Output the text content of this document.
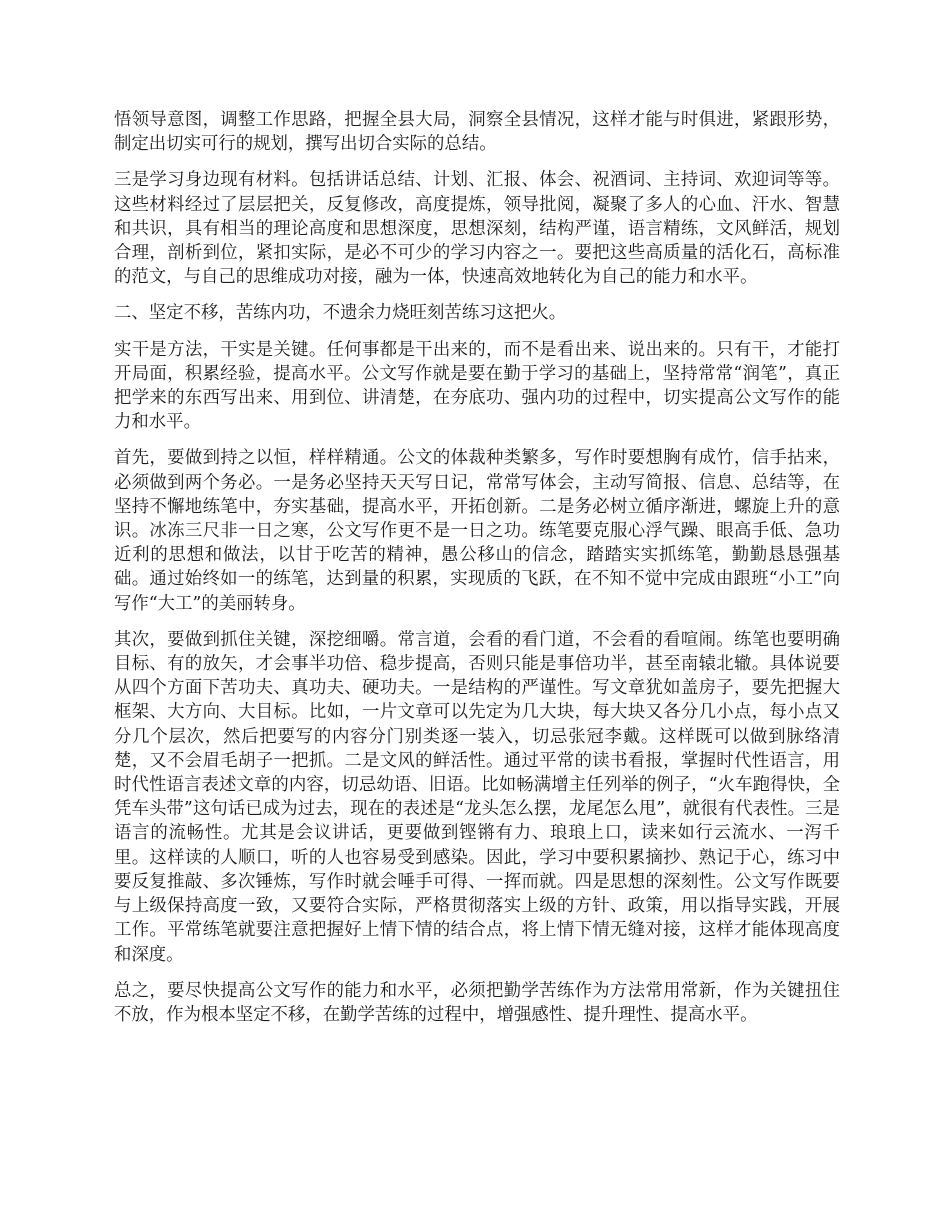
悟领导意图，调整工作思路，把握全县大局，洞察全县情况，这样才能与时俱进，紧跟形势，制定出切实可行的规划，撰写出切合实际的总结。

三是学习身边现有材料。包括讲话总结、计划、汇报、体会、祝酒词、主持词、欢迎词等等。这些材料经过了层层把关，反复修改，高度提炼，领导批阅，凝聚了多人的心血、汗水、智慧和共识，具有相当的理论高度和思想深度，思想深刻，结构严谨，语言精练，文风鲜活，规划合理，剖析到位，紧扣实际，是必不可少的学习内容之一。要把这些高质量的活化石，高标准的范文，与自己的思维成功对接，融为一体，快速高效地转化为自己的能力和水平。

二、坚定不移，苦练内功，不遗余力烧旺刻苦练习这把火。

实干是方法，干实是关键。任何事都是干出来的，而不是看出来、说出来的。只有干，才能打开局面，积累经验，提高水平。公文写作就是要在勤于学习的基础上，坚持常常“润笔”，真正把学来的东西写出来、用到位、讲清楚，在夯底功、强内功的过程中，切实提高公文写作的能力和水平。

首先，要做到持之以恒，样样精通。公文的体裁种类繁多，写作时要想胸有成竹，信手拈来，必须做到两个务必。一是务必坚持天天写日记，常常写体会，主动写简报、信息、总结等，在坚持不懈地练笔中，夯实基础，提高水平，开拓创新。二是务必树立循序渐进，螺旋上升的意识。冰冻三尺非一日之寒，公文写作更不是一日之功。练笔要克服心浮气躁、眼高手低、急功近利的思想和做法，以甘于吃苦的精神，愚公移山的信念，踏踏实实抓练笔，勤勤恳恳强基础。通过始终如一的练笔，达到量的积累，实现质的飞跃，在不知不觉中完成由跟班“小工”向写作“大工”的美丽转身。

其次，要做到抓住关键，深挖细嚼。常言道，会看的看门道，不会看的看喧闹。练笔也要明确目标、有的放矢，才会事半功倍、稳步提高，否则只能是事倍功半，甚至南辕北辙。具体说要从四个方面下苦功夫、真功夫、硬功夫。一是结构的严谨性。写文章犹如盖房子，要先把握大框架、大方向、大目标。比如，一片文章可以先定为几大块，每大块又各分几小点，每小点又分几个层次，然后把要写的内容分门别类逐一装入，切忌张冠李戴。这样既可以做到脉络清楚，又不会眉毛胡子一把抓。二是文风的鲜活性。通过平常的读书看报，掌握时代性语言，用时代性语言表述文章的内容，切忌幼语、旧语。比如畅满增主任列举的例子，“火车跑得快，全凭车头带”这句话已成为过去，现在的表述是“龙头怎么摆，龙尾怎么甩”，就很有代表性。三是语言的流畅性。尤其是会议讲话，更要做到铿锵有力、琅琅上口，读来如行云流水、一泻千里。这样读的人顺口，听的人也容易受到感染。因此，学习中要积累摘抄、熟记于心，练习中要反复推敲、多次锤炼，写作时就会唾手可得、一挥而就。四是思想的深刻性。公文写作既要与上级保持高度一致，又要符合实际，严格贯彻落实上级的方针、政策，用以指导实践，开展工作。平常练笔就要注意把握好上情下情的结合点，将上情下情无缝对接，这样才能体现高度和深度。

总之，要尽快提高公文写作的能力和水平，必须把勤学苦练作为方法常用常新，作为关键扭住不放，作为根本坚定不移，在勤学苦练的过程中，增强感性、提升理性、提高水平。
